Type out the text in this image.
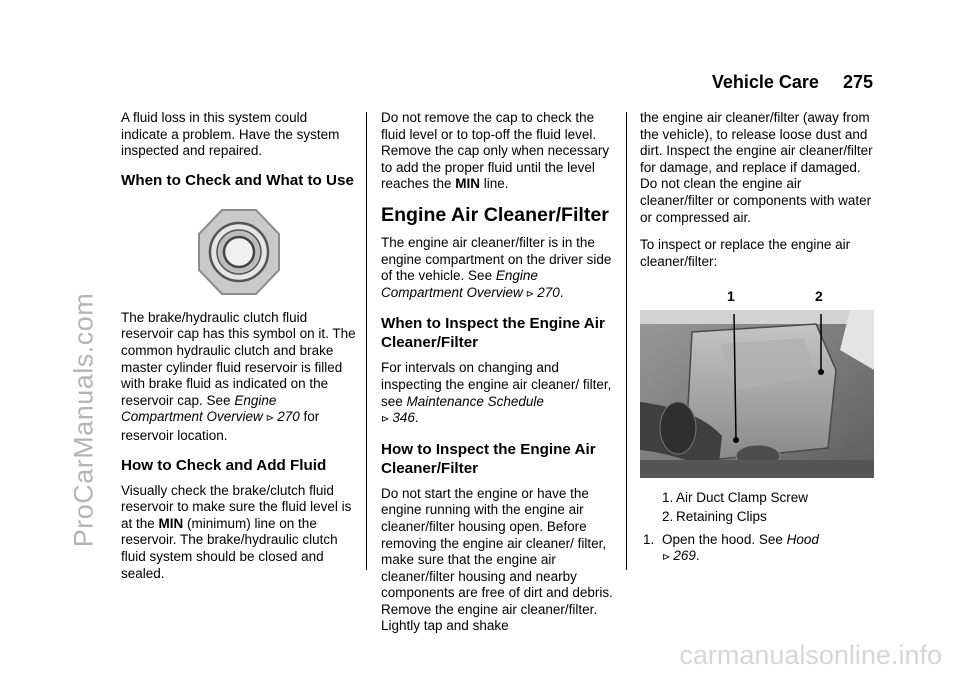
ProCarManuals.com
carmanualsonline.info
Vehicle Care 275

A fluid loss in this system could indicate a problem. Have the system inspected and repaired.

When to Check and What to Use

The brake/hydraulic clutch fluid reservoir cap has this symbol on it. The common hydraulic clutch and brake master cylinder fluid reservoir is filled with brake fluid as indicated on the reservoir cap. See Engine Compartment Overview ⊳ 270 for reservoir location.

How to Check and Add Fluid

Visually check the brake/clutch fluid reservoir to make sure the fluid level is at the MIN (minimum) line on the reservoir. The brake/hydraulic clutch fluid system should be closed and sealed.

Do not remove the cap to check the fluid level or to top-off the fluid level. Remove the cap only when necessary to add the proper fluid until the level reaches the MIN line.

Engine Air Cleaner/Filter

The engine air cleaner/filter is in the engine compartment on the driver side of the vehicle. See Engine Compartment Overview ⊳ 270.

When to Inspect the Engine Air Cleaner/Filter

For intervals on changing and inspecting the engine air cleaner/ filter, see Maintenance Schedule
⊳ 346.

How to Inspect the Engine Air Cleaner/Filter

Do not start the engine or have the engine running with the engine air cleaner/filter housing open. Before removing the engine air cleaner/ filter, make sure that the engine air cleaner/filter housing and nearby components are free of dirt and debris. Remove the engine air cleaner/filter. Lightly tap and shake

the engine air cleaner/filter (away from the vehicle), to release loose dust and dirt. Inspect the engine air cleaner/filter for damage, and replace if damaged. Do not clean the engine air cleaner/filter or components with water or compressed air.

To inspect or replace the engine air cleaner/filter:

1	2
1. Air Duct Clamp Screw
2. Retaining Clips
1. Open the hood. See Hood
⊳ 269.
